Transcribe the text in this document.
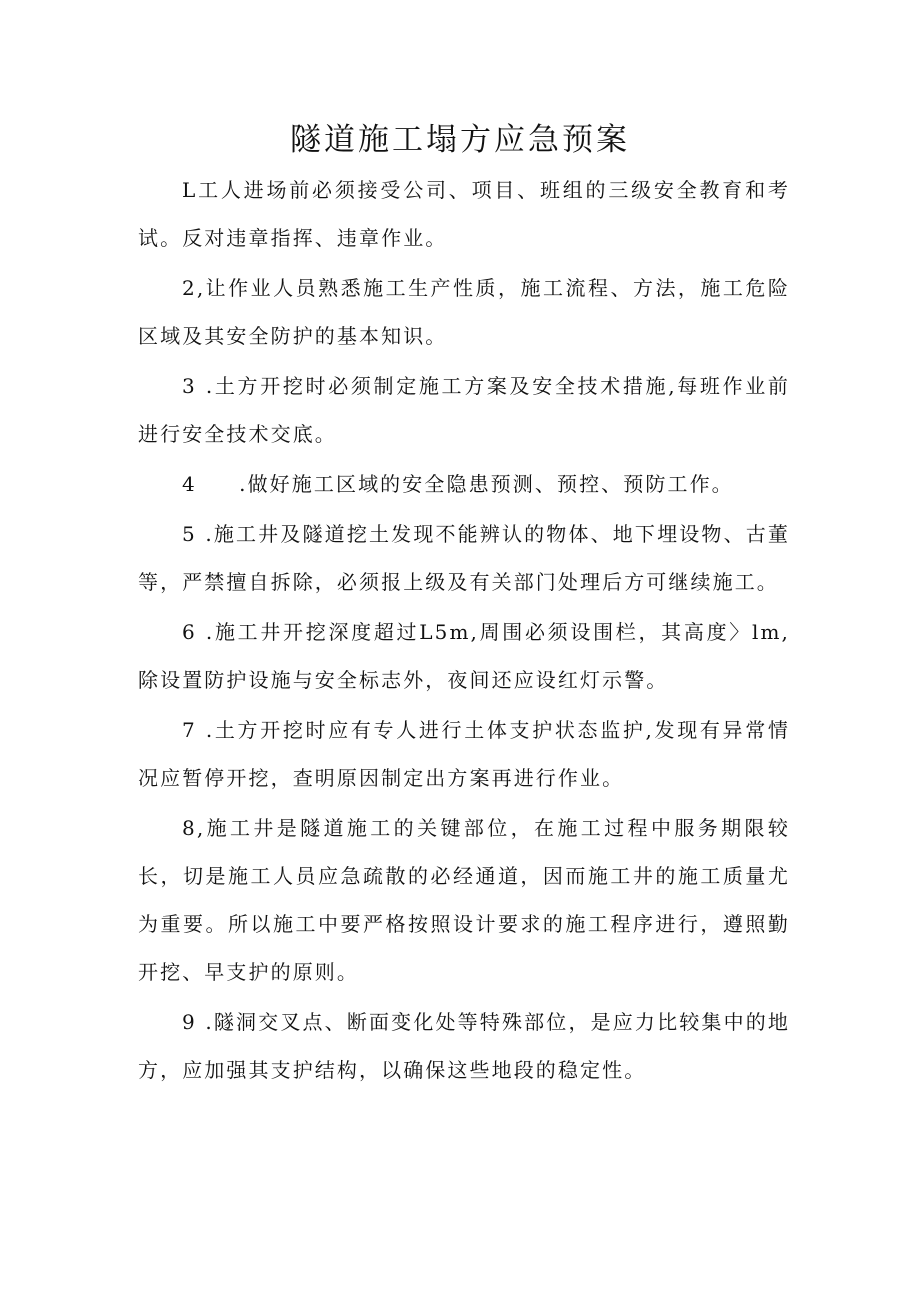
隧道施工塌方应急预案

L工人进场前必须接受公司、项目、班组的三级安全教育和考试。反对违章指挥、违章作业。

2,让作业人员熟悉施工生产性质，施工流程、方法，施工危险区域及其安全防护的基本知识。

3 .土方开挖时必须制定施工方案及安全技术措施,每班作业前进行安全技术交底。

4     .做好施工区域的安全隐患预测、预控、预防工作。

5 .施工井及隧道挖土发现不能辨认的物体、地下埋设物、古董等，严禁擅自拆除，必须报上级及有关部门处理后方可继续施工。

6 .施工井开挖深度超过L5m,周围必须设围栏，其高度〉lm,除设置防护设施与安全标志外，夜间还应设红灯示警。

7 .土方开挖时应有专人进行土体支护状态监护,发现有异常情况应暂停开挖，查明原因制定出方案再进行作业。

8,施工井是隧道施工的关键部位，在施工过程中服务期限较长，切是施工人员应急疏散的必经通道，因而施工井的施工质量尤为重要。所以施工中要严格按照设计要求的施工程序进行，遵照勤开挖、早支护的原则。

9 .隧洞交叉点、断面变化处等特殊部位，是应力比较集中的地方，应加强其支护结构，以确保这些地段的稳定性。
